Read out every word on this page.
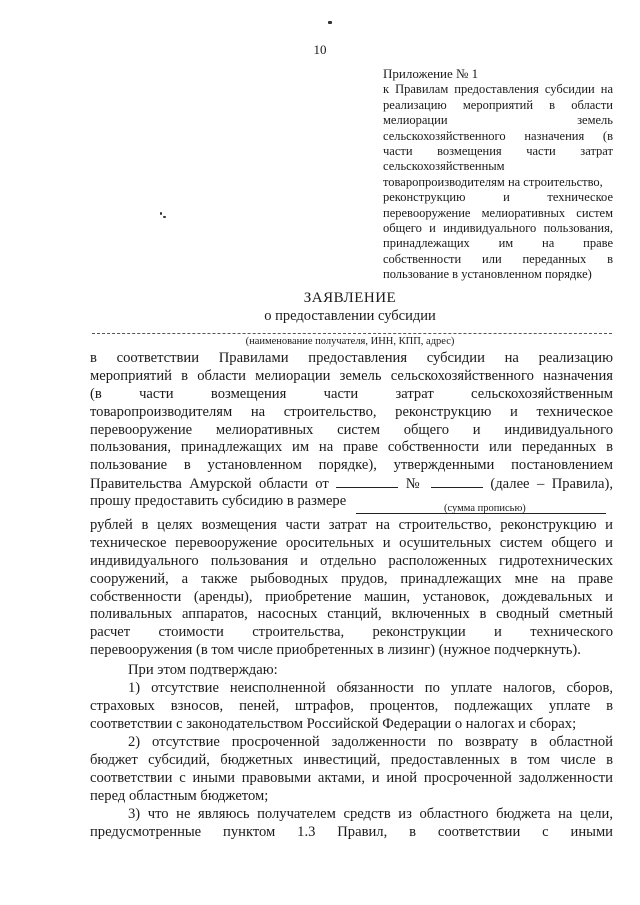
10
Приложение № 1
к Правилам предоставления субсидии на
реализацию мероприятий в области
мелиорации земель
сельскохозяйственного назначения (в
части возмещения части затрат
сельскохозяйственным
товаропроизводителям на строительство,
реконструкцию и техническое
перевооружение мелиоративных систем
общего и индивидуального пользования,
принадлежащих им на праве
собственности или переданных в
пользование в установленном порядке)
ЗАЯВЛЕНИЕ
о предоставлении субсидии
(наименование получателя, ИНН, КПП, адрес)
в соответствии Правилами предоставления субсидии на реализацию
мероприятий в области мелиорации земель сельскохозяйственного назначения
(в части возмещения части затрат сельскохозяйственным
товаропроизводителям на строительство, реконструкцию и техническое
перевооружение мелиоративных систем общего и индивидуального
пользования, принадлежащих им на праве собственности или переданных в
пользование в установленном порядке), утвержденными постановлением
Правительства Амурской области от	№	(далее – Правила),
прошу предоставить субсидию в размере	(сумма прописью)
рублей в целях возмещения части затрат на строительство, реконструкцию и
техническое перевооружение оросительных и осушительных систем общего и
индивидуального пользования и отдельно расположенных гидротехнических
сооружений, а также рыбоводных прудов, принадлежащих мне на праве
собственности (аренды), приобретение машин, установок, дождевальных и
поливальных аппаратов, насосных станций, включенных в сводный сметный
расчет стоимости строительства, реконструкции и технического
перевооружения (в том числе приобретенных в лизинг) (нужное подчеркнуть).
При этом подтверждаю:
1) отсутствие неисполненной обязанности по уплате налогов, сборов,
страховых взносов, пеней, штрафов, процентов, подлежащих уплате в
соответствии с законодательством Российской Федерации о налогах и сборах;
2) отсутствие просроченной задолженности по возврату в областной
бюджет субсидий, бюджетных инвестиций, предоставленных в том числе в
соответствии с иными правовыми актами, и иной просроченной задолженности
перед областным бюджетом;
3) что не являюсь получателем средств из областного бюджета на цели,
предусмотренные пунктом 1.3 Правил, в соответствии с иными
